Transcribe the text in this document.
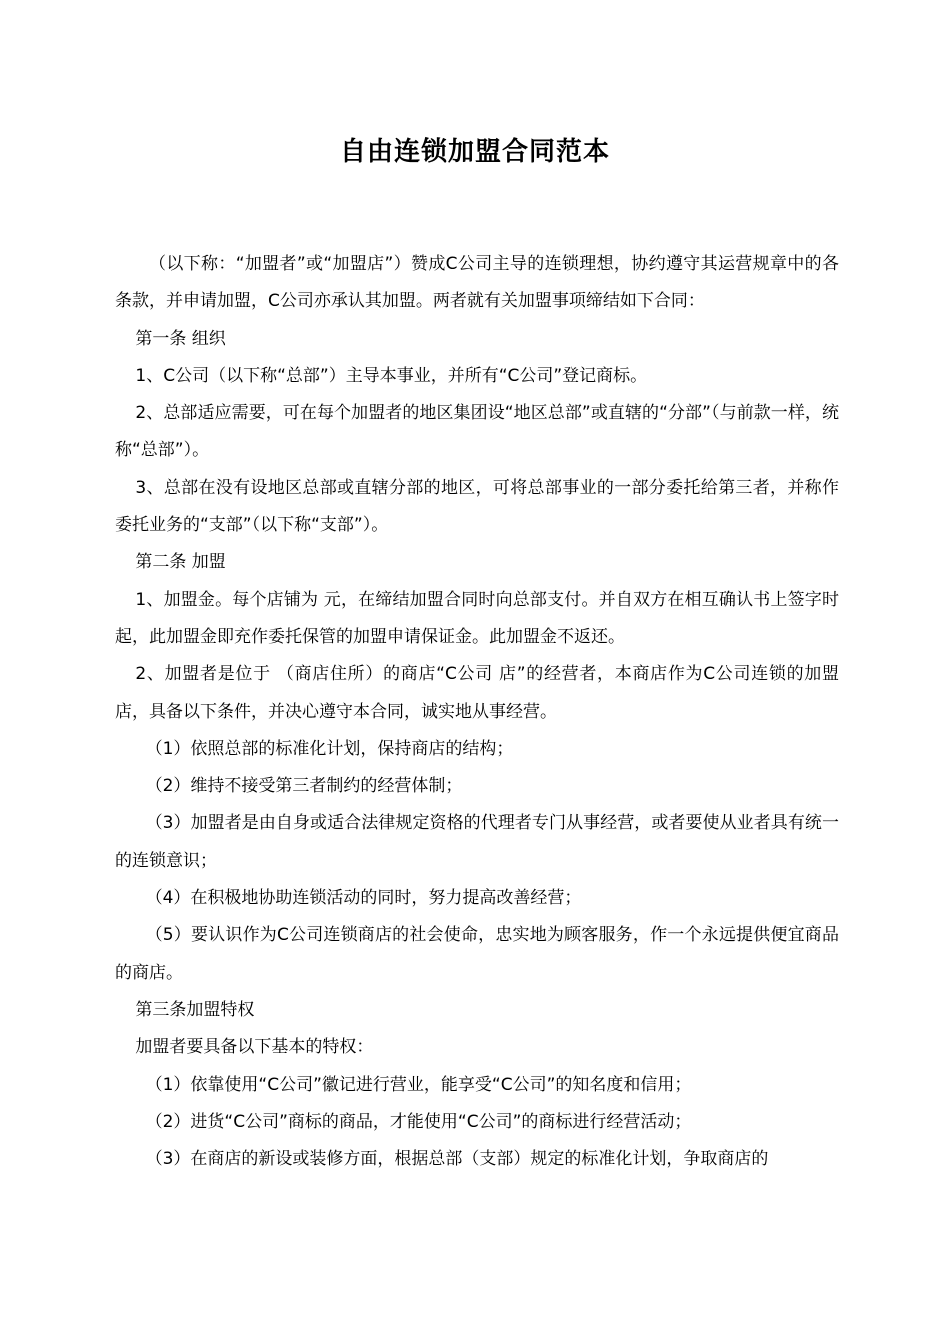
自由连锁加盟合同范本

（以下称：“加盟者”或“加盟店”）赞成C公司主导的连锁理想，协约遵守其运营规章中的各条款，并申请加盟，C公司亦承认其加盟。两者就有关加盟事项缔结如下合同：

第一条 组织

1、C公司（以下称“总部”）主导本事业，并所有“C公司”登记商标。

2、总部适应需要，可在每个加盟者的地区集团设“地区总部”或直辖的“分部”（与前款一样，统称“总部”）。

3、总部在没有设地区总部或直辖分部的地区，可将总部事业的一部分委托给第三者，并称作委托业务的“支部”（以下称“支部”）。

第二条 加盟

1、加盟金。每个店铺为 元，在缔结加盟合同时向总部支付。并自双方在相互确认书上签字时起，此加盟金即充作委托保管的加盟申请保证金。此加盟金不返还。

2、加盟者是位于 （商店住所）的商店“C公司 店”的经营者，本商店作为C公司连锁的加盟店，具备以下条件，并决心遵守本合同，诚实地从事经营。

（1）依照总部的标准化计划，保持商店的结构；

（2）维持不接受第三者制约的经营体制；

（3）加盟者是由自身或适合法律规定资格的代理者专门从事经营，或者要使从业者具有统一的连锁意识；

（4）在积极地协助连锁活动的同时，努力提高改善经营；

（5）要认识作为C公司连锁商店的社会使命，忠实地为顾客服务，作一个永远提供便宜商品的商店。

第三条加盟特权

加盟者要具备以下基本的特权：

（1）依靠使用“C公司”徽记进行营业，能享受“C公司”的知名度和信用；

（2）进货“C公司”商标的商品，才能使用“C公司”的商标进行经营活动；

（3）在商店的新设或装修方面，根据总部（支部）规定的标准化计划，争取商店的
